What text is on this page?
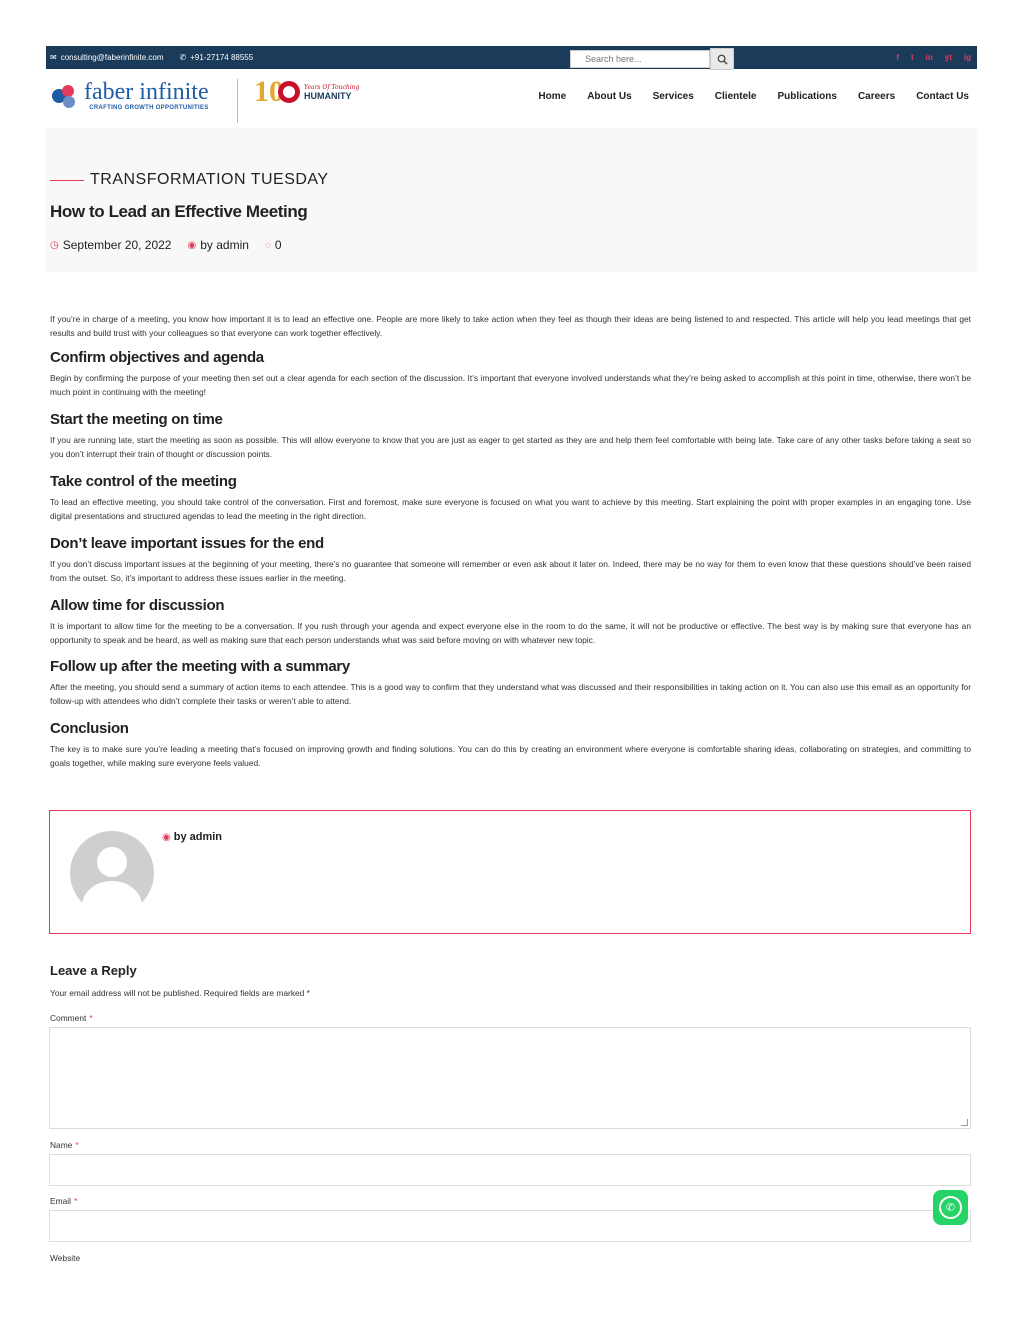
✉ consulting@faberinfinite.com ✆ +91-27174 88555
Search here...	f t in yt ig
faber infinite
CRAFTING GROWTH OPPORTUNITIES 10	Years Of Touching
HUMANITY	Home About Us Services Clientele Publications Careers Contact Us
TRANSFORMATION TUESDAY
How to Lead an Effective Meeting
◷ September 20, 2022 ◉ by admin ◌ 0

If you’re in charge of a meeting, you know how important it is to lead an effective one. People are more likely to take action when they feel as though their ideas are being listened to and respected. This article will help you lead meetings that get results and build trust with your colleagues so that everyone can work together effectively.

Confirm objectives and agenda

Begin by confirming the purpose of your meeting then set out a clear agenda for each section of the discussion. It’s important that everyone involved understands what they’re being asked to accomplish at this point in time, otherwise, there won’t be much point in continuing with the meeting!

Start the meeting on time

If you are running late, start the meeting as soon as possible. This will allow everyone to know that you are just as eager to get started as they are and help them feel comfortable with being late. Take care of any other tasks before taking a seat so you don’t interrupt their train of thought or discussion points.

Take control of the meeting

To lead an effective meeting, you should take control of the conversation. First and foremost, make sure everyone is focused on what you want to achieve by this meeting. Start explaining the point with proper examples in an engaging tone. Use digital presentations and structured agendas to lead the meeting in the right direction.

Don’t leave important issues for the end

If you don’t discuss important issues at the beginning of your meeting, there’s no guarantee that someone will remember or even ask about it later on. Indeed, there may be no way for them to even know that these questions should’ve been raised from the outset. So, it’s important to address these issues earlier in the meeting.

Allow time for discussion

It is important to allow time for the meeting to be a conversation. If you rush through your agenda and expect everyone else in the room to do the same, it will not be productive or effective. The best way is by making sure that everyone has an opportunity to speak and be heard, as well as making sure that each person understands what was said before moving on with whatever new topic.

Follow up after the meeting with a summary

After the meeting, you should send a summary of action items to each attendee. This is a good way to confirm that they understand what was discussed and their responsibilities in taking action on it. You can also use this email as an opportunity for follow-up with attendees who didn’t complete their tasks or weren’t able to attend.

Conclusion

The key is to make sure you’re leading a meeting that’s focused on improving growth and finding solutions. You can do this by creating an environment where everyone is comfortable sharing ideas, collaborating on strategies, and committing to goals together, while making sure everyone feels valued.

◉ by admin
Leave a Reply

Your email address will not be published. Required fields are marked *

Comment *
Name *
Email *
Website
✆
